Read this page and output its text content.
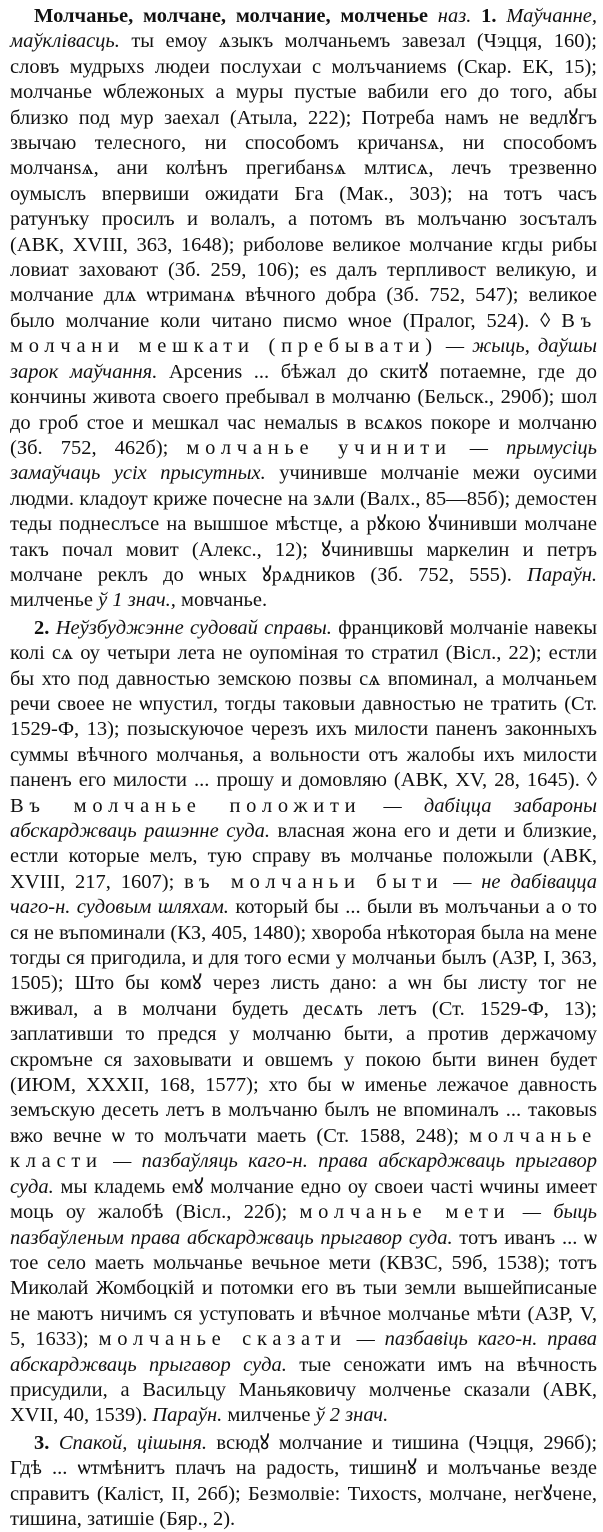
Молчанье, молчане, молчание, молченье наз. 1. Маўчанне, маўклівасць. ты емоу ѧзыкъ молчаньемъ завезал (Чэцця, 160); словъ мудрыхs людеи послухаи с молъчаниемs (Скар. ЕК, 15); молчанье ѡблежоных а муры пустые вабили его до того, абы близко под мур заехал (Атыла, 222); Потреба намъ не ведлꙋгъ звычаю телесного, ни способомъ кричанsѧ, ни способомъ молчанsѧ, ани колѣнъ прегибанsѧ млтисѧ, лечъ трезвенно оумыслъ впервиши ожидати Бга (Мак., 303); на тотъ часъ ратунъку просилъ и волалъ, а потомъ въ молъчаню зосъталъ (АВК, XVIII, 363, 1648); риболове великое молчание кгды рибы ловиат заховают (Зб. 259, 106); es далъ терпливост великую, и молчание длѧ ѡтриманѧ вѣчного добра (Зб. 752, 547); великое было молчание коли читано писмо ѡное (Пралог, 524). ◊ Въ молчани мешкати (пребывати) — жыць, даўшы зарок маўчання. Арсениs ... бѣжал до скитꙋ потаемне, где до кончины живота своего пребывал в молчаню (Бельск., 290б); шол до гроб стое и мешкал час немалыs в всѧкоs покоре и молчаню (Зб. 752, 462б); молчанье учинити — прымусіць замаўчаць усіх прысутных. учинивше молчаніе межи оусими людми. кладоут криже почесне на зѧли (Валх., 85—85б); демостен теды поднеслъсе на вышшое мѣстце, а рꙋкою ꙋчинивши молчане такъ почал мовит (Алекс., 12); ꙋчинившы маркелин и петръ молчане реклъ до ѡных ꙋрѧдников (Зб. 752, 555). Параўн. милченье ў 1 знач., мовчанье.

2. Неўзбуджэнне судовай справы. франциковй молчаніе навекы колі сѧ оу четыри лета не оупоміная то стратил (Вісл., 22); естли бы хто под давностью земскою позвы сѧ впоминал, а молчаньем речи своее не ѡпустил, тогды таковыи давностью не тратить (Ст. 1529-Ф, 13); позыскуючое черезъ ихъ милости паненъ законныхъ суммы вѣчного молчанья, а вольности отъ жалобы ихъ милости паненъ его милости ... прошу и домовляю (АВК, XV, 28, 1645). ◊ Въ молчанье положити — дабіцца забароны абскарджваць рашэнне суда. власная жона его и дети и близкие, естли которые мелъ, тую справу въ молчанье положыли (АВК, XVIII, 217, 1607); въ молчаньи быти — не дабівацца чаго-н. судовым шляхам. который бы ... были въ молъчаньи а о то ся не въпоминали (КЗ, 405, 1480); хвороба нѣкоторая была на мене тогды ся пригодила, и для того есми у молчаньи былъ (АЗР, I, 363, 1505); Што бы комꙋ через листь дано: а ѡн бы листу тог не вживал, а в молчани будеть десѧть летъ (Ст. 1529-Ф, 13); заплативши то предся у молчаню быти, а против держачому скромъне ся заховывати и овшемъ у покою быти винен будет (ИЮМ, XXXII, 168, 1577); хто бы ѡ именье лежачое давность земъскую десеть летъ в молъчаню былъ не впоминалъ ... таковыs вжо вечне ѡ то молъчати маеть (Ст. 1588, 248); молчанье класти — пазбаўляць каго-н. права абскарджваць прыгавор суда. мы кладемь емꙋ молчание едно оу своеи часті ѡчины имеет моць оу жалобѣ (Вісл., 22б); молчанье мети — быць пазбаўленым права абскарджваць прыгавор суда. тотъ иванъ ... ѡ тое село маеть мольчанье вечьное мети (КВЗС, 59б, 1538); тотъ Миколай Жомбоцкій и потомки его въ тыи земли вышейписаные не маютъ ничимъ ся уступовать и вѣчное молчанье мѣти (АЗР, V, 5, 1633); молчанье сказати — пазбавіць каго-н. права абскарджваць прыгавор суда. тые сеножати имъ на вѣчность присудили, а Васильцу Маньяковичу молченье сказали (АВК, XVII, 40, 1539). Параўн. милченье ў 2 знач.

3. Спакой, цішыня. всюдꙋ молчание и тишина (Чэцця, 296б); Гдѣ ... ѡтмѣнитъ плачъ на радость, тишинꙋ и молъчанье везде справитъ (Каліст, II, 26б); Безмолвіе: Тихостs, молчане, негꙋчене, тишина, затишіе (Бяр., 2).
